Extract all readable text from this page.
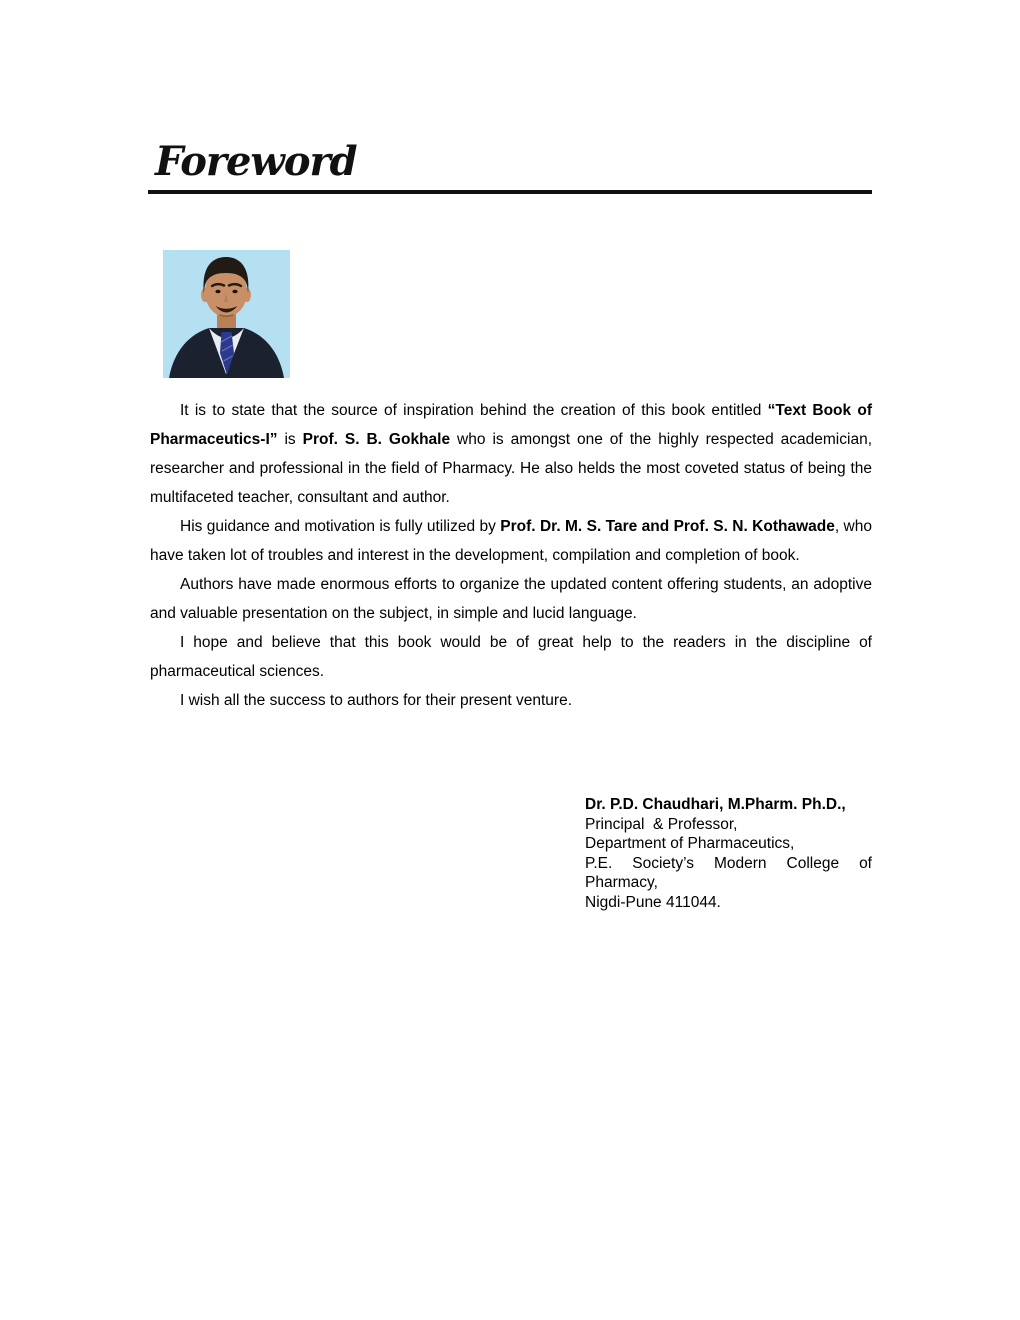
Foreword

It is to state that the source of inspiration behind the creation of this book entitled “Text Book of Pharmaceutics-I” is Prof. S. B. Gokhale who is amongst one of the highly respected academician, researcher and professional in the field of Pharmacy. He also helds the most coveted status of being the multifaceted teacher, consultant and author.

His guidance and motivation is fully utilized by Prof. Dr. M. S. Tare and Prof. S. N. Kothawade, who have taken lot of troubles and interest in the development, compilation and completion of book.

Authors have made enormous efforts to organize the updated content offering students, an adoptive and valuable presentation on the subject, in simple and lucid language.

I hope and believe that this book would be of great help to the readers in the discipline of pharmaceutical sciences.

I wish all the success to authors for their present venture.

Dr. P.D. Chaudhari, M.Pharm. Ph.D.,
Principal  & Professor,
Department of Pharmaceutics,
P.E. Society’s Modern College of
Pharmacy,
Nigdi-Pune 411044.
